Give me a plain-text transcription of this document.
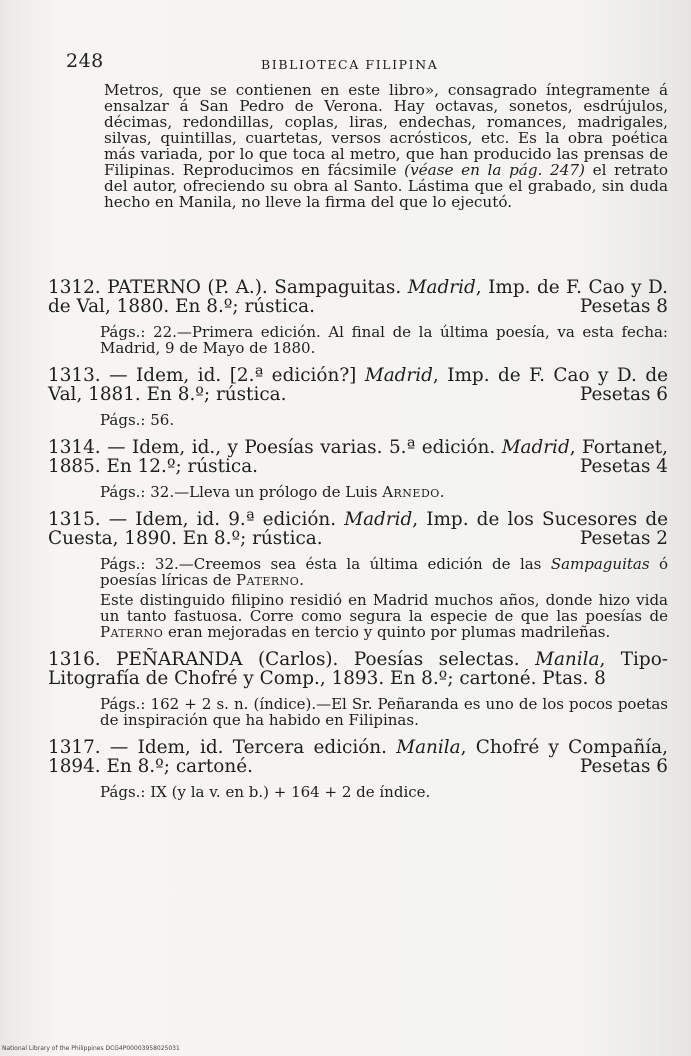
248	BIBLIOTECA FILIPINA
Metros, que se contienen en este libro», consagrado íntegramente á ensalzar á San Pedro de Verona. Hay octavas, sonetos, esdrújulos, décimas, redondillas, coplas, liras, endechas, romances, madrigales, silvas, quintillas, cuartetas, versos acrósticos, etc. Es la obra poética más variada, por lo que toca al metro, que han producido las prensas de Filipinas. Reproducimos en fácsimile (véase en la pág. 247) el retrato del autor, ofreciendo su obra al Santo. Lástima que el grabado, sin duda hecho en Manila, no lleve la firma del que lo ejecutó.
1312. PATERNO (P. A.). Sampaguitas. Madrid, Imp. de F. Cao y D. de Val, 1880. En 8.º; rústica.	Pesetas 8

Págs.: 22.—Primera edición. Al final de la última poesía, va esta fecha: Madrid, 9 de Mayo de 1880.

1313. — Idem, id. [2.ª edición?] Madrid, Imp. de F. Cao y D. de Val, 1881. En 8.º; rústica.	Pesetas 6

Págs.: 56.

1314. — Idem, id., y Poesías varias. 5.ª edición. Madrid, Fortanet, 1885. En 12.º; rústica.	Pesetas 4

Págs.: 32.—Lleva un prólogo de Luis Arnedo.

1315. — Idem, id. 9.ª edición. Madrid, Imp. de los Sucesores de Cuesta, 1890. En 8.º; rústica.	Pesetas 2

Págs.: 32.—Creemos sea ésta la última edición de las Sampaguitas ó poesías líricas de Paterno.

Este distinguido filipino residió en Madrid muchos años, donde hizo vida un tanto fastuosa. Corre como segura la especie de que las poesías de Paterno eran mejoradas en tercio y quinto por plumas madrileñas.

1316. PEÑARANDA (Carlos). Poesías selectas. Manila, Tipo-Litografía de Chofré y Comp., 1893. En 8.º; cartoné. Ptas. 8

Págs.: 162 + 2 s. n. (índice).—El Sr. Peñaranda es uno de los pocos poetas de inspiración que ha habido en Filipinas.

1317. — Idem, id. Tercera edición. Manila, Chofré y Compañía, 1894. En 8.º; cartoné.	Pesetas 6

Págs.: IX (y la v. en b.) + 164 + 2 de índice.

National Library of the Philippines DCG4P00003958025031
